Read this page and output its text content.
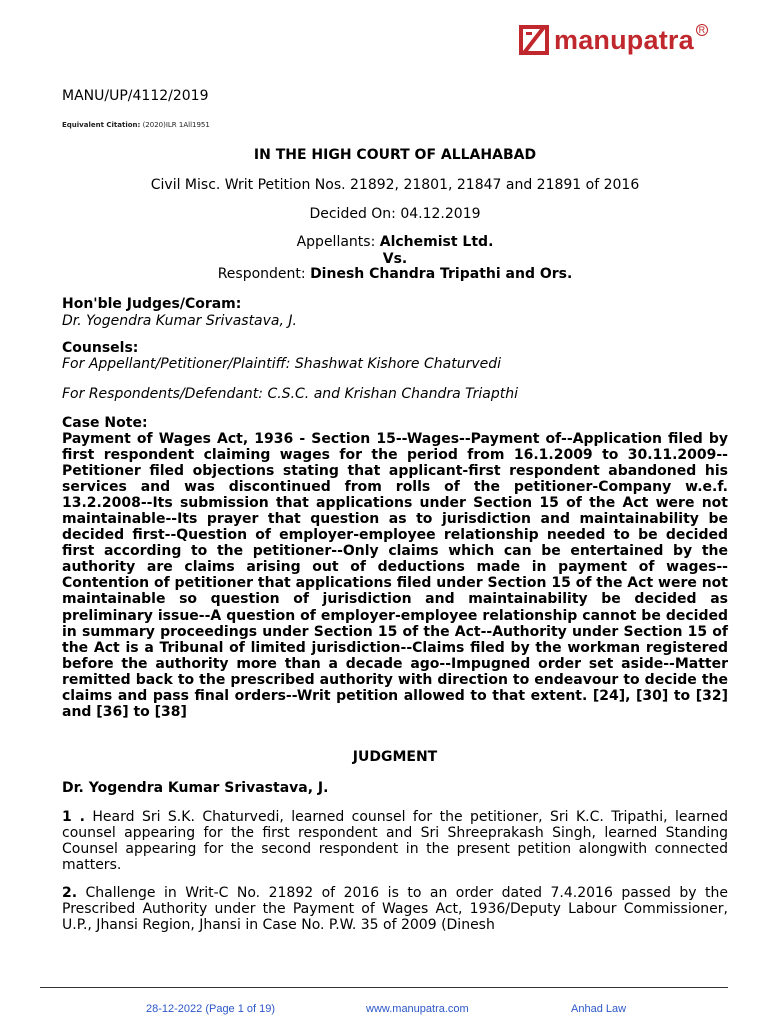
manupatra R
MANU/UP/4112/2019
Equivalent Citation: (2020)ILR 1All1951
IN THE HIGH COURT OF ALLAHABAD
Civil Misc. Writ Petition Nos. 21892, 21801, 21847 and 21891 of 2016
Decided On: 04.12.2019
Appellants: Alchemist Ltd.
Vs.
Respondent: Dinesh Chandra Tripathi and Ors.
Hon'ble Judges/Coram:
Dr. Yogendra Kumar Srivastava, J.
Counsels:
For Appellant/Petitioner/Plaintiff: Shashwat Kishore Chaturvedi
For Respondents/Defendant: C.S.C. and Krishan Chandra Triapthi
Case Note:
Payment of Wages Act, 1936 - Section 15--Wages--Payment of--Application filed by first respondent claiming wages for the period from 16.1.2009 to 30.11.2009--Petitioner filed objections stating that applicant-first respondent abandoned his services and was discontinued from rolls of the petitioner-Company w.e.f. 13.2.2008--Its submission that applications under Section 15 of the Act were not maintainable--Its prayer that question as to jurisdiction and maintainability be decided first--Question of employer-employee relationship needed to be decided first according to the petitioner--Only claims which can be entertained by the authority are claims arising out of deductions made in payment of wages--Contention of petitioner that applications filed under Section 15 of the Act were not maintainable so question of jurisdiction and maintainability be decided as preliminary issue--A question of employer-employee relationship cannot be decided in summary proceedings under Section 15 of the Act--Authority under Section 15 of the Act is a Tribunal of limited jurisdiction--Claims filed by the workman registered before the authority more than a decade ago--Impugned order set aside--Matter remitted back to the prescribed authority with direction to endeavour to decide the claims and pass final orders--Writ petition allowed to that extent. [24], [30] to [32] and [36] to [38]
JUDGMENT
Dr. Yogendra Kumar Srivastava, J.
1 . Heard Sri S.K. Chaturvedi, learned counsel for the petitioner, Sri K.C. Tripathi, learned counsel appearing for the first respondent and Sri Shreeprakash Singh, learned Standing Counsel appearing for the second respondent in the present petition alongwith connected matters.
2. Challenge in Writ-C No. 21892 of 2016 is to an order dated 7.4.2016 passed by the Prescribed Authority under the Payment of Wages Act, 1936/Deputy Labour Commissioner, U.P., Jhansi Region, Jhansi in Case No. P.W. 35 of 2009 (Dinesh
28-12-2022 (Page 1 of 19)	www.manupatra.com	Anhad Law
